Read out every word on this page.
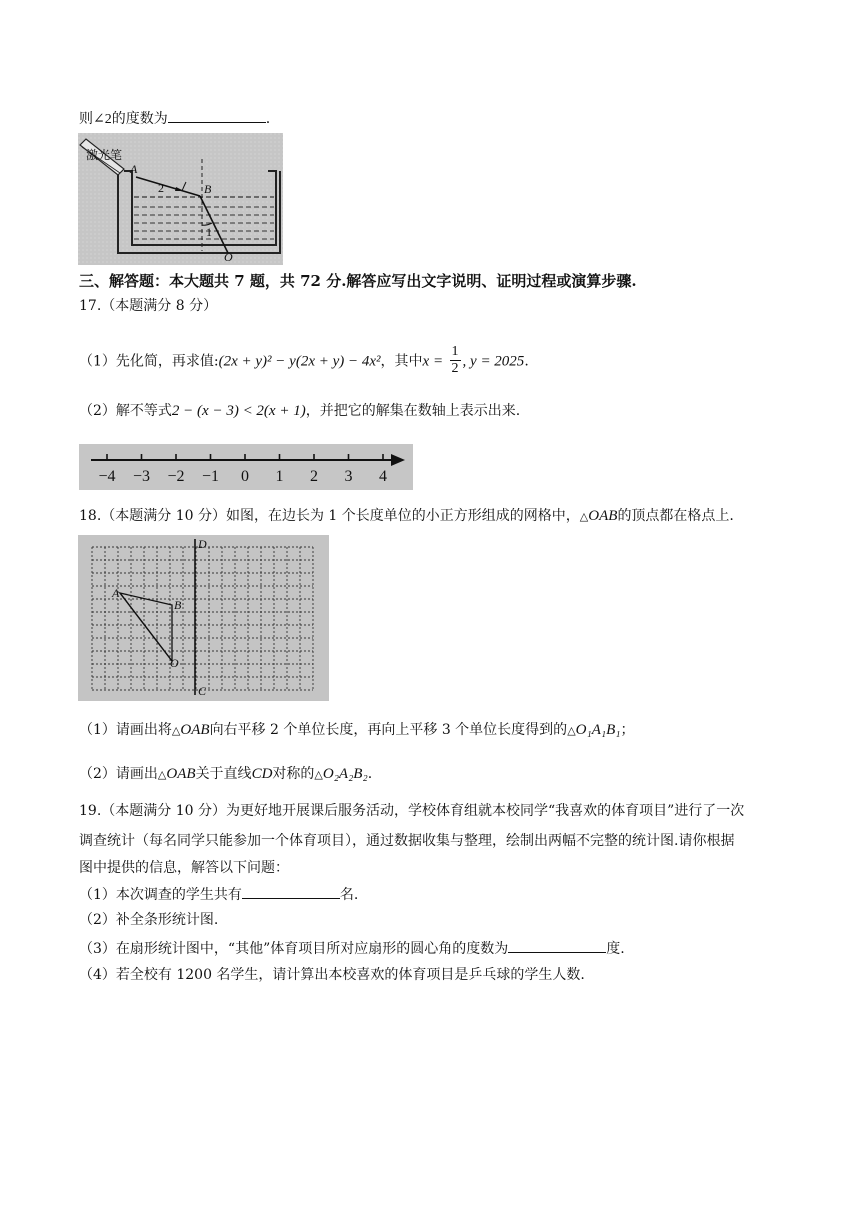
则∠2的度数为	.
激光笔
A
2	B
1
O
三、解答题：本大题共 7 题，共 72 分.解答应写出文字说明、证明过程或演算步骤.
17.（本题满分 8 分）
（1）先化简，再求值:(2x + y)² − y(2x + y) − 4x²，其中$x = \frac{1}{2}$ , y = 2025.
（2）解不等式2 − (x − 3) < 2(x + 1)，并把它的解集在数轴上表示出来.
−4 −3 −2 −1 0 1 2 3 4
18.（本题满分 10 分）如图，在边长为 1 个长度单位的小正方形组成的网格中，△OAB的顶点都在格点上.
D
C
A
B
O
（1）请画出将△OAB向右平移 2 个单位长度，再向上平移 3 个单位长度得到的△O₁A₁B₁；
（2）请画出△OAB关于直线CD对称的△O₂A₂B₂.
19.（本题满分 10 分）为更好地开展课后服务活动，学校体育组就本校同学“我喜欢的体育项目”进行了一次
调查统计（每名同学只能参加一个体育项目），通过数据收集与整理，绘制出两幅不完整的统计图.请你根据
图中提供的信息，解答以下问题：
（1）本次调查的学生共有	名.
（2）补全条形统计图.
（3）在扇形统计图中，“其他”体育项目所对应扇形的圆心角的度数为	度.
（4）若全校有 1200 名学生，请计算出本校喜欢的体育项目是乒乓球的学生人数.
